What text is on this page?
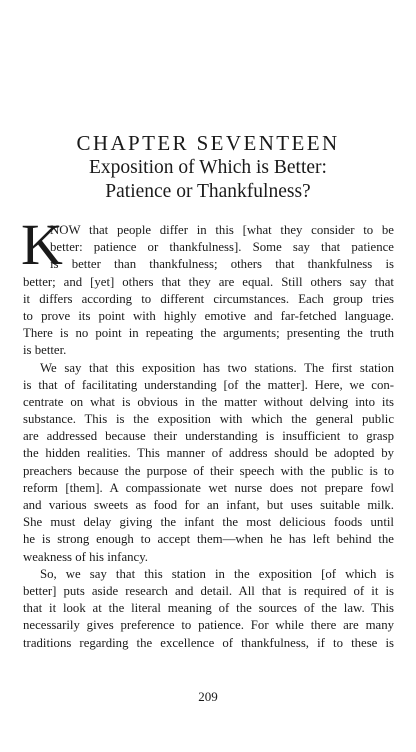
CHAPTER SEVENTEEN
Exposition of Which is Better:
Patience or Thankfulness?
K
NOW that people differ in this [what they consider to be
better: patience or thankfulness]. Some say that patience
is better than thankfulness; others that thankfulness is
better; and [yet] others that they are equal. Still others say that
it differs according to different circumstances. Each group tries
to prove its point with highly emotive and far-fetched language.
There is no point in repeating the arguments; presenting the truth
is better.
We say that this exposition has two stations. The first station
is that of facilitating understanding [of the matter]. Here, we con-
centrate on what is obvious in the matter without delving into its
substance. This is the exposition with which the general public
are addressed because their understanding is insufficient to grasp
the hidden realities. This manner of address should be adopted by
preachers because the purpose of their speech with the public is to
reform [them]. A compassionate wet nurse does not prepare fowl
and various sweets as food for an infant, but uses suitable milk.
She must delay giving the infant the most delicious foods until
he is strong enough to accept them—when he has left behind the
weakness of his infancy.
So, we say that this station in the exposition [of which is
better] puts aside research and detail. All that is required of it is
that it look at the literal meaning of the sources of the law. This
necessarily gives preference to patience. For while there are many
traditions regarding the excellence of thankfulness, if to these is
209
